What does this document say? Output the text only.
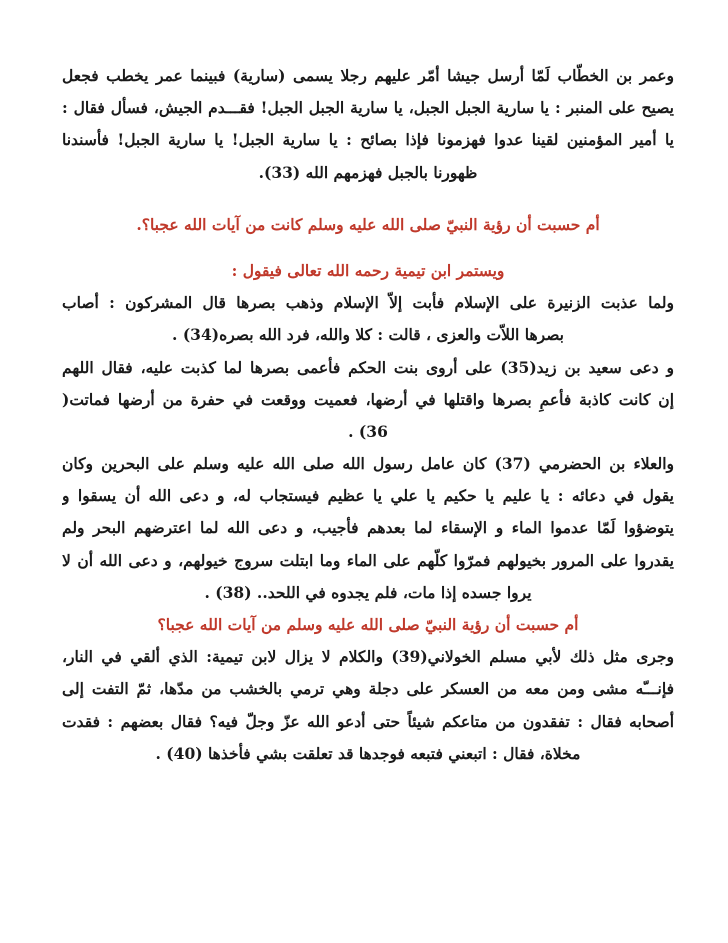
وعمر بن الخطّاب لَمّا أرسل جيشا أمّر عليهم رجلا يسمى (سارية) فبينما عمر يخطب فجعل
يصيح على المنبر : يا سارية الجبل الجبل، يا سارية الجبل الجبل! فقـــدم الجيش، فسأل فقال :
يا أمير المؤمنين لقينا عدوا فهزمونا فإذا بصائح : يا سارية الجبل! يا سارية الجبل! فأسندنا
ظهورنا بالجبل فهزمهم الله (33).
أم حسبت أن رؤية النبيّ صلى الله عليه وسلم كانت من آيات الله عجبا؟.
ويستمر ابن تيمية رحمه الله تعالى فيقول :
ولما عذبت الزنيرة على الإسلام فأبت إلاّ الإسلام وذهب بصرها قال المشركون : أصاب
بصرها اللاّت والعزى ، قالت : كلا والله، فرد الله بصره(34) .
و دعى سعيد بن زيد(35) على أروى بنت الحكم فأعمى بصرها لما كذبت عليه، فقال اللهم
إن كانت كاذبة فأعمِ بصرها واقتلها في أرضها، فعميت ووقعت في حفرة من أرضها فماتت(
36) .
والعلاء بن الحضرمي (37) كان عامل رسول الله صلى الله عليه وسلم على البحرين وكان
يقول في دعائه : يا عليم يا حكيم يا علي يا عظيم فيستجاب له، و دعى الله أن يسقوا و
يتوضؤوا لَمّا عدموا الماء و الإسقاء لما بعدهم فأجيب، و دعى الله لما اعترضهم البحر ولم
يقدروا على المرور بخيولهم فمرّوا كلّهم على الماء وما ابتلت سروج خيولهم، و دعى الله أن لا
يروا جسده إذا مات، فلم يجدوه في اللحد.. (38) .
أم حسبت أن رؤية النبيّ صلى الله عليه وسلم من آيات الله عجبا؟
وجرى مثل ذلك لأبي مسلم الخولاني(39) والكلام لا يزال لابن تيمية: الذي ألقي في النار،
فإنـــّه مشى ومن معه من العسكر على دجلة وهي ترمي بالخشب من مدّها، ثمّ التفت إلى
أصحابه فقال : تفقدون من متاعكم شيئاً حتى أدعو الله عزّ وجلّ فيه؟ فقال بعضهم : فقدت
مخلاة، فقال : اتبعني فتبعه فوجدها قد تعلقت بشي فأخذها (40) .
